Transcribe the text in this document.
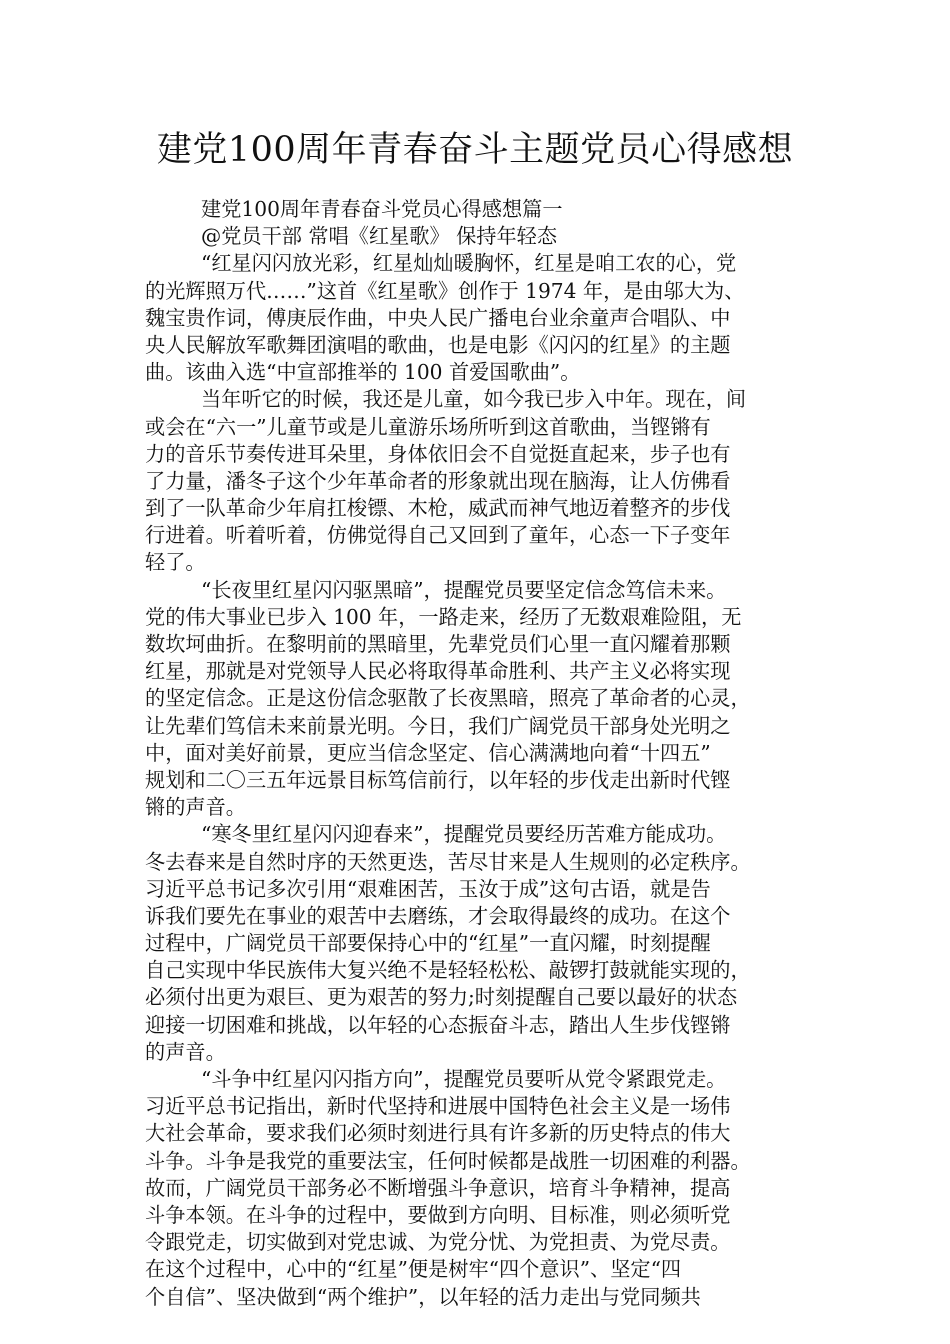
建党100周年青春奋斗主题党员心得感想
建党100周年青春奋斗党员心得感想篇一
@党员干部 常唱《红星歌》 保持年轻态
“红星闪闪放光彩，红星灿灿暖胸怀，红星是咱工农的心，党
的光辉照万代……”这首《红星歌》创作于 1974 年，是由邬大为、
魏宝贵作词，傅庚辰作曲，中央人民广播电台业余童声合唱队、中
央人民解放军歌舞团演唱的歌曲，也是电影《闪闪的红星》的主题
曲。该曲入选“中宣部推举的 100 首爱国歌曲”。
当年听它的时候，我还是儿童，如今我已步入中年。现在，间
或会在“六一”儿童节或是儿童游乐场所听到这首歌曲，当铿锵有
力的音乐节奏传进耳朵里，身体依旧会不自觉挺直起来，步子也有
了力量，潘冬子这个少年革命者的形象就出现在脑海，让人仿佛看
到了一队革命少年肩扛梭镖、木枪，威武而神气地迈着整齐的步伐
行进着。听着听着，仿佛觉得自己又回到了童年，心态一下子变年
轻了。
“长夜里红星闪闪驱黑暗”，提醒党员要坚定信念笃信未来。
党的伟大事业已步入 100 年，一路走来，经历了无数艰难险阻，无
数坎坷曲折。在黎明前的黑暗里，先辈党员们心里一直闪耀着那颗
红星，那就是对党领导人民必将取得革命胜利、共产主义必将实现
的坚定信念。正是这份信念驱散了长夜黑暗，照亮了革命者的心灵，
让先辈们笃信未来前景光明。今日，我们广阔党员干部身处光明之
中，面对美好前景，更应当信念坚定、信心满满地向着“十四五”
规划和二〇三五年远景目标笃信前行，以年轻的步伐走出新时代铿
锵的声音。
“寒冬里红星闪闪迎春来”，提醒党员要经历苦难方能成功。
冬去春来是自然时序的天然更迭，苦尽甘来是人生规则的必定秩序。
习近平总书记多次引用“艰难困苦，玉汝于成”这句古语，就是告
诉我们要先在事业的艰苦中去磨练，才会取得最终的成功。在这个
过程中，广阔党员干部要保持心中的“红星”一直闪耀，时刻提醒
自己实现中华民族伟大复兴绝不是轻轻松松、敲锣打鼓就能实现的，
必须付出更为艰巨、更为艰苦的努力;时刻提醒自己要以最好的状态
迎接一切困难和挑战，以年轻的心态振奋斗志，踏出人生步伐铿锵
的声音。
“斗争中红星闪闪指方向”，提醒党员要听从党令紧跟党走。
习近平总书记指出，新时代坚持和进展中国特色社会主义是一场伟
大社会革命，要求我们必须时刻进行具有许多新的历史特点的伟大
斗争。斗争是我党的重要法宝，任何时候都是战胜一切困难的利器。
故而，广阔党员干部务必不断增强斗争意识，培育斗争精神，提高
斗争本领。在斗争的过程中，要做到方向明、目标准，则必须听党
令跟党走，切实做到对党忠诚、为党分忧、为党担责、为党尽责。
在这个过程中，心中的“红星”便是树牢“四个意识”、坚定“四
个自信”、坚决做到“两个维护”，以年轻的活力走出与党同频共
